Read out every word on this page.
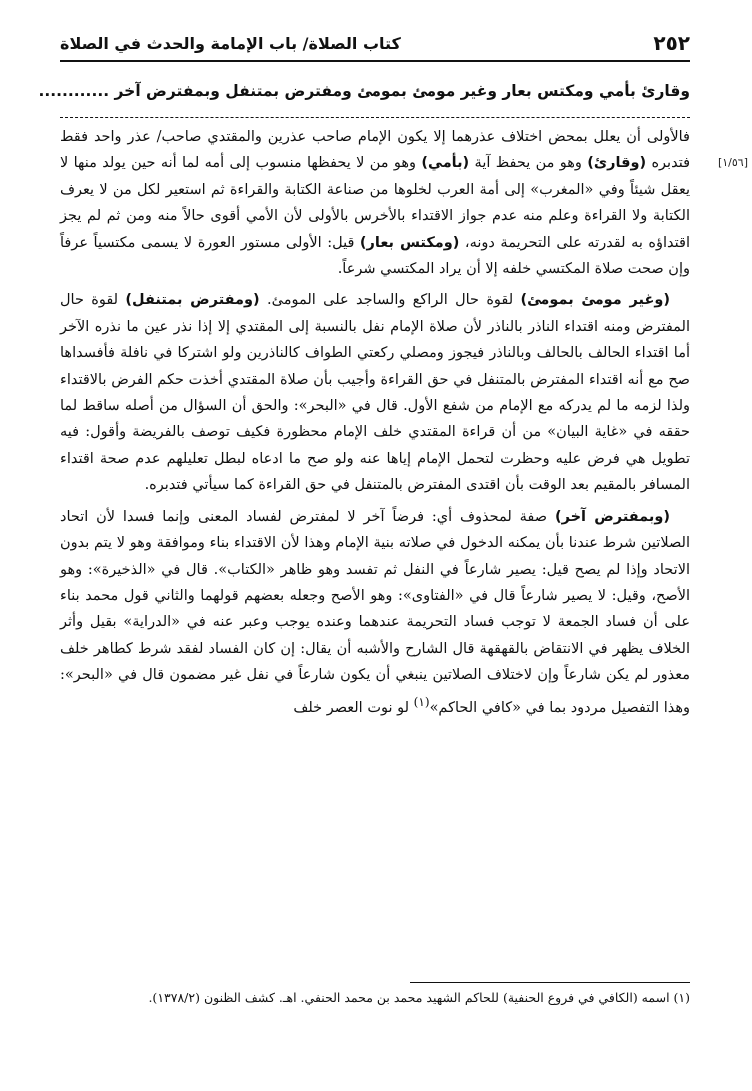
كتاب الصلاة/ باب الإمامة والحدث في الصلاة	٢٥٢
وقارئ بأمي ومكتس بعار وغير مومئ بمومئ ومفترض بمتنفل وبمفترض آخر ............
[١/٥٦]

فالأولى أن يعلل بمحض اختلاف عذرهما إلا يكون الإمام صاحب عذرين والمقتدي صاحب/ عذر واحد فقط فتدبره (وقارئ) وهو من يحفظ آية (بأمي) وهو من لا يحفظها منسوب إلى أمه لما أنه حين يولد منها لا يعقل شيئاً وفي «المغرب» إلى أمة العرب لخلوها من صناعة الكتابة والقراءة ثم استعير لكل من لا يعرف الكتابة ولا القراءة وعلم منه عدم جواز الاقتداء بالأخرس بالأولى لأن الأمي أقوى حالاً منه ومن ثم لم يجز اقتداؤه به لقدرته على التحريمة دونه، (ومكتس بعار) قيل: الأولى مستور العورة لا يسمى مكتسياً عرفاً وإن صحت صلاة المكتسي خلفه إلا أن يراد المكتسي شرعاً.

(وغير مومئ بمومئ) لقوة حال الراكع والساجد على المومئ. (ومفترض بمتنفل) لقوة حال المفترض ومنه اقتداء الناذر بالناذر لأن صلاة الإمام نفل بالنسبة إلى المقتدي إلا إذا نذر عين ما نذره الآخر أما اقتداء الحالف بالحالف وبالناذر فيجوز ومصلي ركعتي الطواف كالناذرين ولو اشتركا في نافلة فأفسداها صح مع أنه اقتداء المفترض بالمتنفل في حق القراءة وأجيب بأن صلاة المقتدي أخذت حكم الفرض بالاقتداء ولذا لزمه ما لم يدركه مع الإمام من شفع الأول. قال في «البحر»: والحق أن السؤال من أصله ساقط لما حققه في «غاية البيان» من أن قراءة المقتدي خلف الإمام محظورة فكيف توصف بالفريضة وأقول: فيه تطويل هي فرض عليه وحظرت لتحمل الإمام إياها عنه ولو صح ما ادعاه لبطل تعليلهم عدم صحة اقتداء المسافر بالمقيم بعد الوقت بأن اقتدى المفترض بالمتنفل في حق القراءة كما سيأتي فتدبره.

(وبمفترض آخر) صفة لمحذوف أي: فرضاً آخر لا لمفترض لفساد المعنى وإنما فسدا لأن اتحاد الصلاتين شرط عندنا بأن يمكنه الدخول في صلاته بنية الإمام وهذا لأن الاقتداء بناء وموافقة وهو لا يتم بدون الاتحاد وإذا لم يصح قيل: يصير شارعاً في النفل ثم تفسد وهو ظاهر «الكتاب». قال في «الذخيرة»: وهو الأصح، وقيل: لا يصير شارعاً قال في «الفتاوى»: وهو الأصح وجعله بعضهم قولهما والثاني قول محمد بناء على أن فساد الجمعة لا توجب فساد التحريمة عندهما وعنده يوجب وعبر عنه في «الدراية» بقيل وأثر الخلاف يظهر في الانتقاض بالقهقهة قال الشارح والأشبه أن يقال: إن كان الفساد لفقد شرط كطاهر خلف معذور لم يكن شارعاً وإن لاختلاف الصلاتين ينبغي أن يكون شارعاً في نفل غير مضمون قال في «البحر»: وهذا التفصيل مردود بما في «كافي الحاكم»$^{(١)}$ لو نوت العصر خلف

(١) اسمه (الكافي في فروع الحنفية) للحاكم الشهيد محمد بن محمد الحنفي. اهـ. كشف الظنون (١٣٧٨/٢).
